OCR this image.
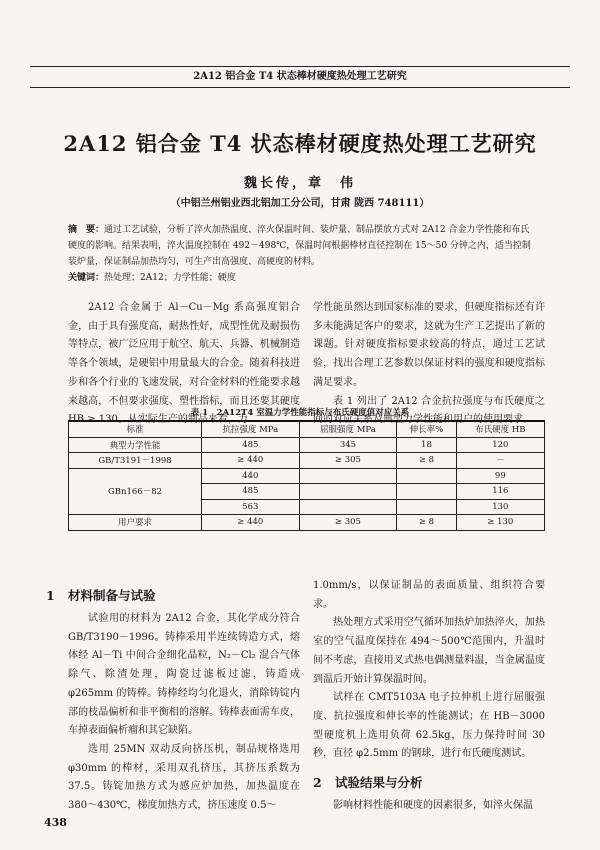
2A12 铝合金 T4 状态棒材硬度热处理工艺研究
2A12 铝合金 T4 状态棒材硬度热处理工艺研究
魏长传，章　伟
（中铝兰州铝业西北铝加工分公司，甘肃 陇西 748111）
摘　要：通过工艺试验，分析了淬火加热温度、淬火保温时间、装炉量、制品摆放方式对 2A12 合金力学性能和布氏硬度的影响。结果表明，淬火温度控制在 492－498℃，保温时间根据棒材直径控制在 15～50 分钟之内，适当控制装炉量，保证制品加热均匀，可生产出高强度、高硬度的材料。
关键词：热处理；2A12；力学性能；硬度

2A12 合金属于 Al－Cu－Mg 系高强度铝合金，由于具有强度高，耐热性好，成型性优及耐损伤等特点，被广泛应用于航空、航天、兵器、机械制造等各个领域，是硬铝中用量最大的合金。随着科技进步和各个行业的飞速发展，对合金材料的性能要求越来越高，不但要求强度、塑性指标，而且还要其硬度 HB ≥ 130。从实际生产的制品来看，力

学性能虽然达到国家标准的要求，但硬度指标还有许多未能满足客户的要求，这就为生产工艺提出了新的课题。针对硬度指标要求较高的特点，通过工艺试验，找出合理工艺参数以保证材料的强度和硬度指标满足要求。

表 1 列出了 2A12 合金抗拉强度与布氏硬度之间的对应关系及典型力学性能和用户的使用要求。

表 1　2A12T4 室温力学性能指标与布氏硬度值对应关系
标准	抗拉强度 MPa	屈服强度 MPa	伸长率%	布氏硬度 HB
典型力学性能	485	345	18	120
GB/T3191－1998	≥ 440	≥ 305	≥ 8	－
GBn166－82	440			99
	485			116
	563			130
用户要求	≥ 440	≥ 305	≥ 8	≥ 130
1 材料制备与试验

试验用的材料为 2A12 合金，其化学成分符合 GB/T3190－1996。铸棒采用半连续铸造方式，熔体经 Al－Ti 中间合金细化晶粒，N₂－Cl₂ 混合气体除气、除渣处理，陶瓷过滤板过滤，铸造成 φ265mm 的铸棒。铸棒经均匀化退火，消除铸锭内部的枝晶偏析和非平衡相的溶解。铸棒表面需车皮，车掉表面偏析瘤和其它缺陷。

选用 25MN 双动反向挤压机，制品规格选用 φ30mm 的棒材，采用双孔挤压，其挤压系数为 37.5。铸锭加热方式为感应炉加热，加热温度在 380～430℃，梯度加热方式，挤压速度 0.5～

1.0mm/s，以保证制品的表面质量、组织符合要求。

热处理方式采用空气循环加热炉加热淬火，加热室的空气温度保持在 494～500℃范围内，升温时间不考虑，直接用叉式热电偶测量料温，当金属温度到温后开始计算保温时间。

试样在 CMT5103A 电子拉伸机上进行屈服强度、抗拉强度和伸长率的性能测试；在 HB－3000 型硬度机上选用负荷 62.5kg，压力保持时间 30 秒，直径 φ2.5mm 的钢球，进行布氏硬度测试。

2 试验结果与分析

影响材料性能和硬度的因素很多，如淬火保温

438
